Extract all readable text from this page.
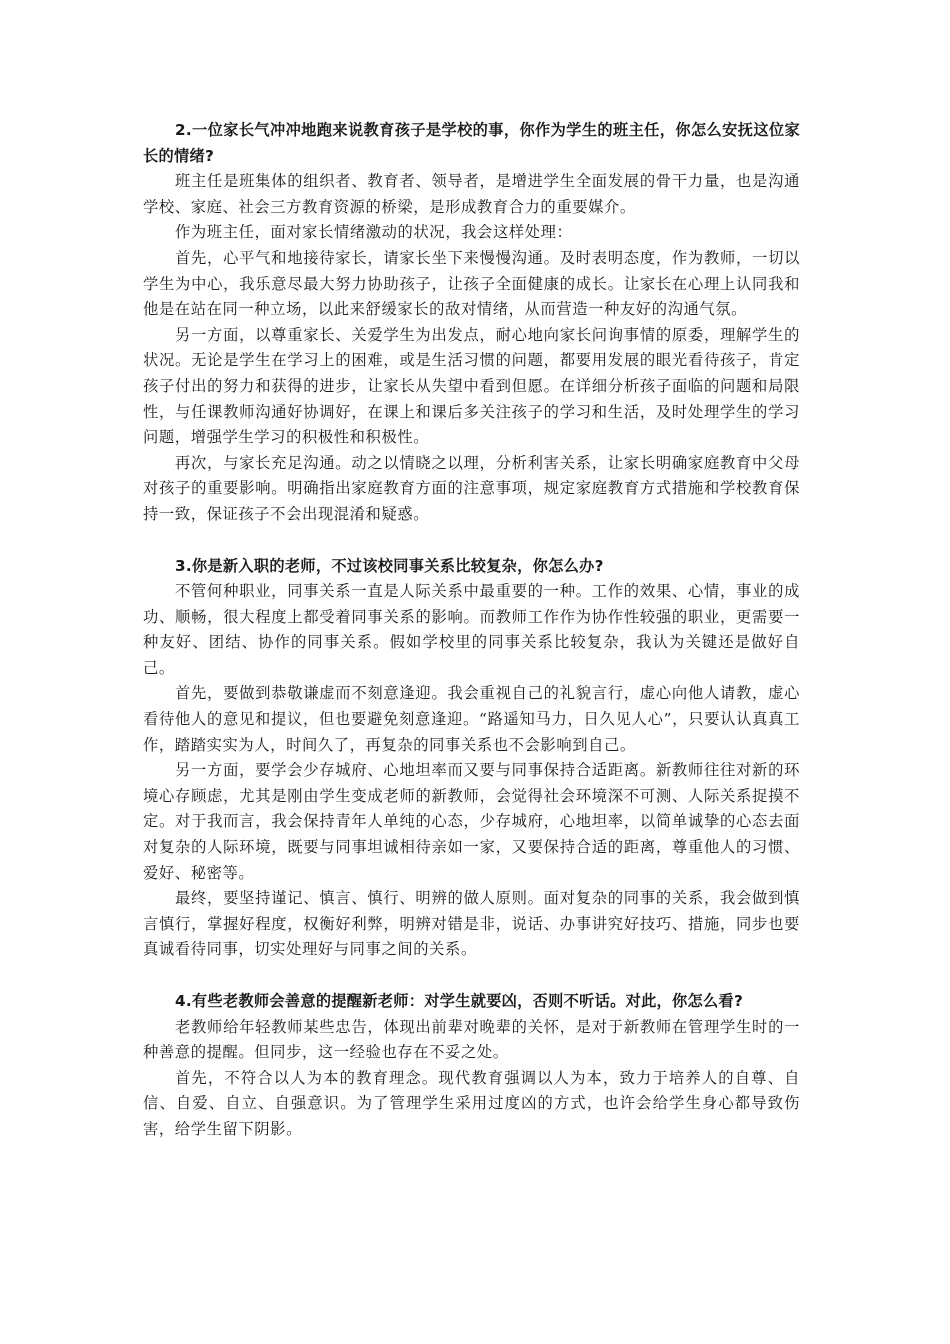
2.一位家长气冲冲地跑来说教育孩子是学校的事，你作为学生的班主任，你怎么安抚这位家长的情绪?

班主任是班集体的组织者、教育者、领导者，是增进学生全面发展的骨干力量，也是沟通学校、家庭、社会三方教育资源的桥梁，是形成教育合力的重要媒介。

作为班主任，面对家长情绪激动的状况，我会这样处理：

首先，心平气和地接待家长，请家长坐下来慢慢沟通。及时表明态度，作为教师，一切以学生为中心，我乐意尽最大努力协助孩子，让孩子全面健康的成长。让家长在心理上认同我和他是在站在同一种立场，以此来舒缓家长的敌对情绪，从而营造一种友好的沟通气氛。

另一方面，以尊重家长、关爱学生为出发点，耐心地向家长问询事情的原委，理解学生的状况。无论是学生在学习上的困难，或是生活习惯的问题，都要用发展的眼光看待孩子，肯定孩子付出的努力和获得的进步，让家长从失望中看到但愿。在详细分析孩子面临的问题和局限性，与任课教师沟通好协调好，在课上和课后多关注孩子的学习和生活，及时处理学生的学习问题，增强学生学习的积极性和积极性。

再次，与家长充足沟通。动之以情晓之以理，分析利害关系，让家长明确家庭教育中父母对孩子的重要影响。明确指出家庭教育方面的注意事项，规定家庭教育方式措施和学校教育保持一致，保证孩子不会出现混淆和疑惑。

3.你是新入职的老师，不过该校同事关系比较复杂，你怎么办?

不管何种职业，同事关系一直是人际关系中最重要的一种。工作的效果、心情，事业的成功、顺畅，很大程度上都受着同事关系的影响。而教师工作作为协作性较强的职业，更需要一种友好、团结、协作的同事关系。假如学校里的同事关系比较复杂，我认为关键还是做好自己。

首先，要做到恭敬谦虚而不刻意逢迎。我会重视自己的礼貌言行，虚心向他人请教，虚心看待他人的意见和提议，但也要避免刻意逢迎。“路遥知马力，日久见人心”，只要认认真真工作，踏踏实实为人，时间久了，再复杂的同事关系也不会影响到自己。

另一方面，要学会少存城府、心地坦率而又要与同事保持合适距离。新教师往往对新的环境心存顾虑，尤其是刚由学生变成老师的新教师，会觉得社会环境深不可测、人际关系捉摸不定。对于我而言，我会保持青年人单纯的心态，少存城府，心地坦率，以简单诚挚的心态去面对复杂的人际环境，既要与同事坦诚相待亲如一家，又要保持合适的距离，尊重他人的习惯、爱好、秘密等。

最终，要坚持谨记、慎言、慎行、明辨的做人原则。面对复杂的同事的关系，我会做到慎言慎行，掌握好程度，权衡好利弊，明辨对错是非，说话、办事讲究好技巧、措施，同步也要真诚看待同事，切实处理好与同事之间的关系。

4.有些老教师会善意的提醒新老师：对学生就要凶，否则不听话。对此，你怎么看?

老教师给年轻教师某些忠告，体现出前辈对晚辈的关怀，是对于新教师在管理学生时的一种善意的提醒。但同步，这一经验也存在不妥之处。

首先，不符合以人为本的教育理念。现代教育强调以人为本，致力于培养人的自尊、自信、自爱、自立、自强意识。为了管理学生采用过度凶的方式，也许会给学生身心都导致伤害，给学生留下阴影。
